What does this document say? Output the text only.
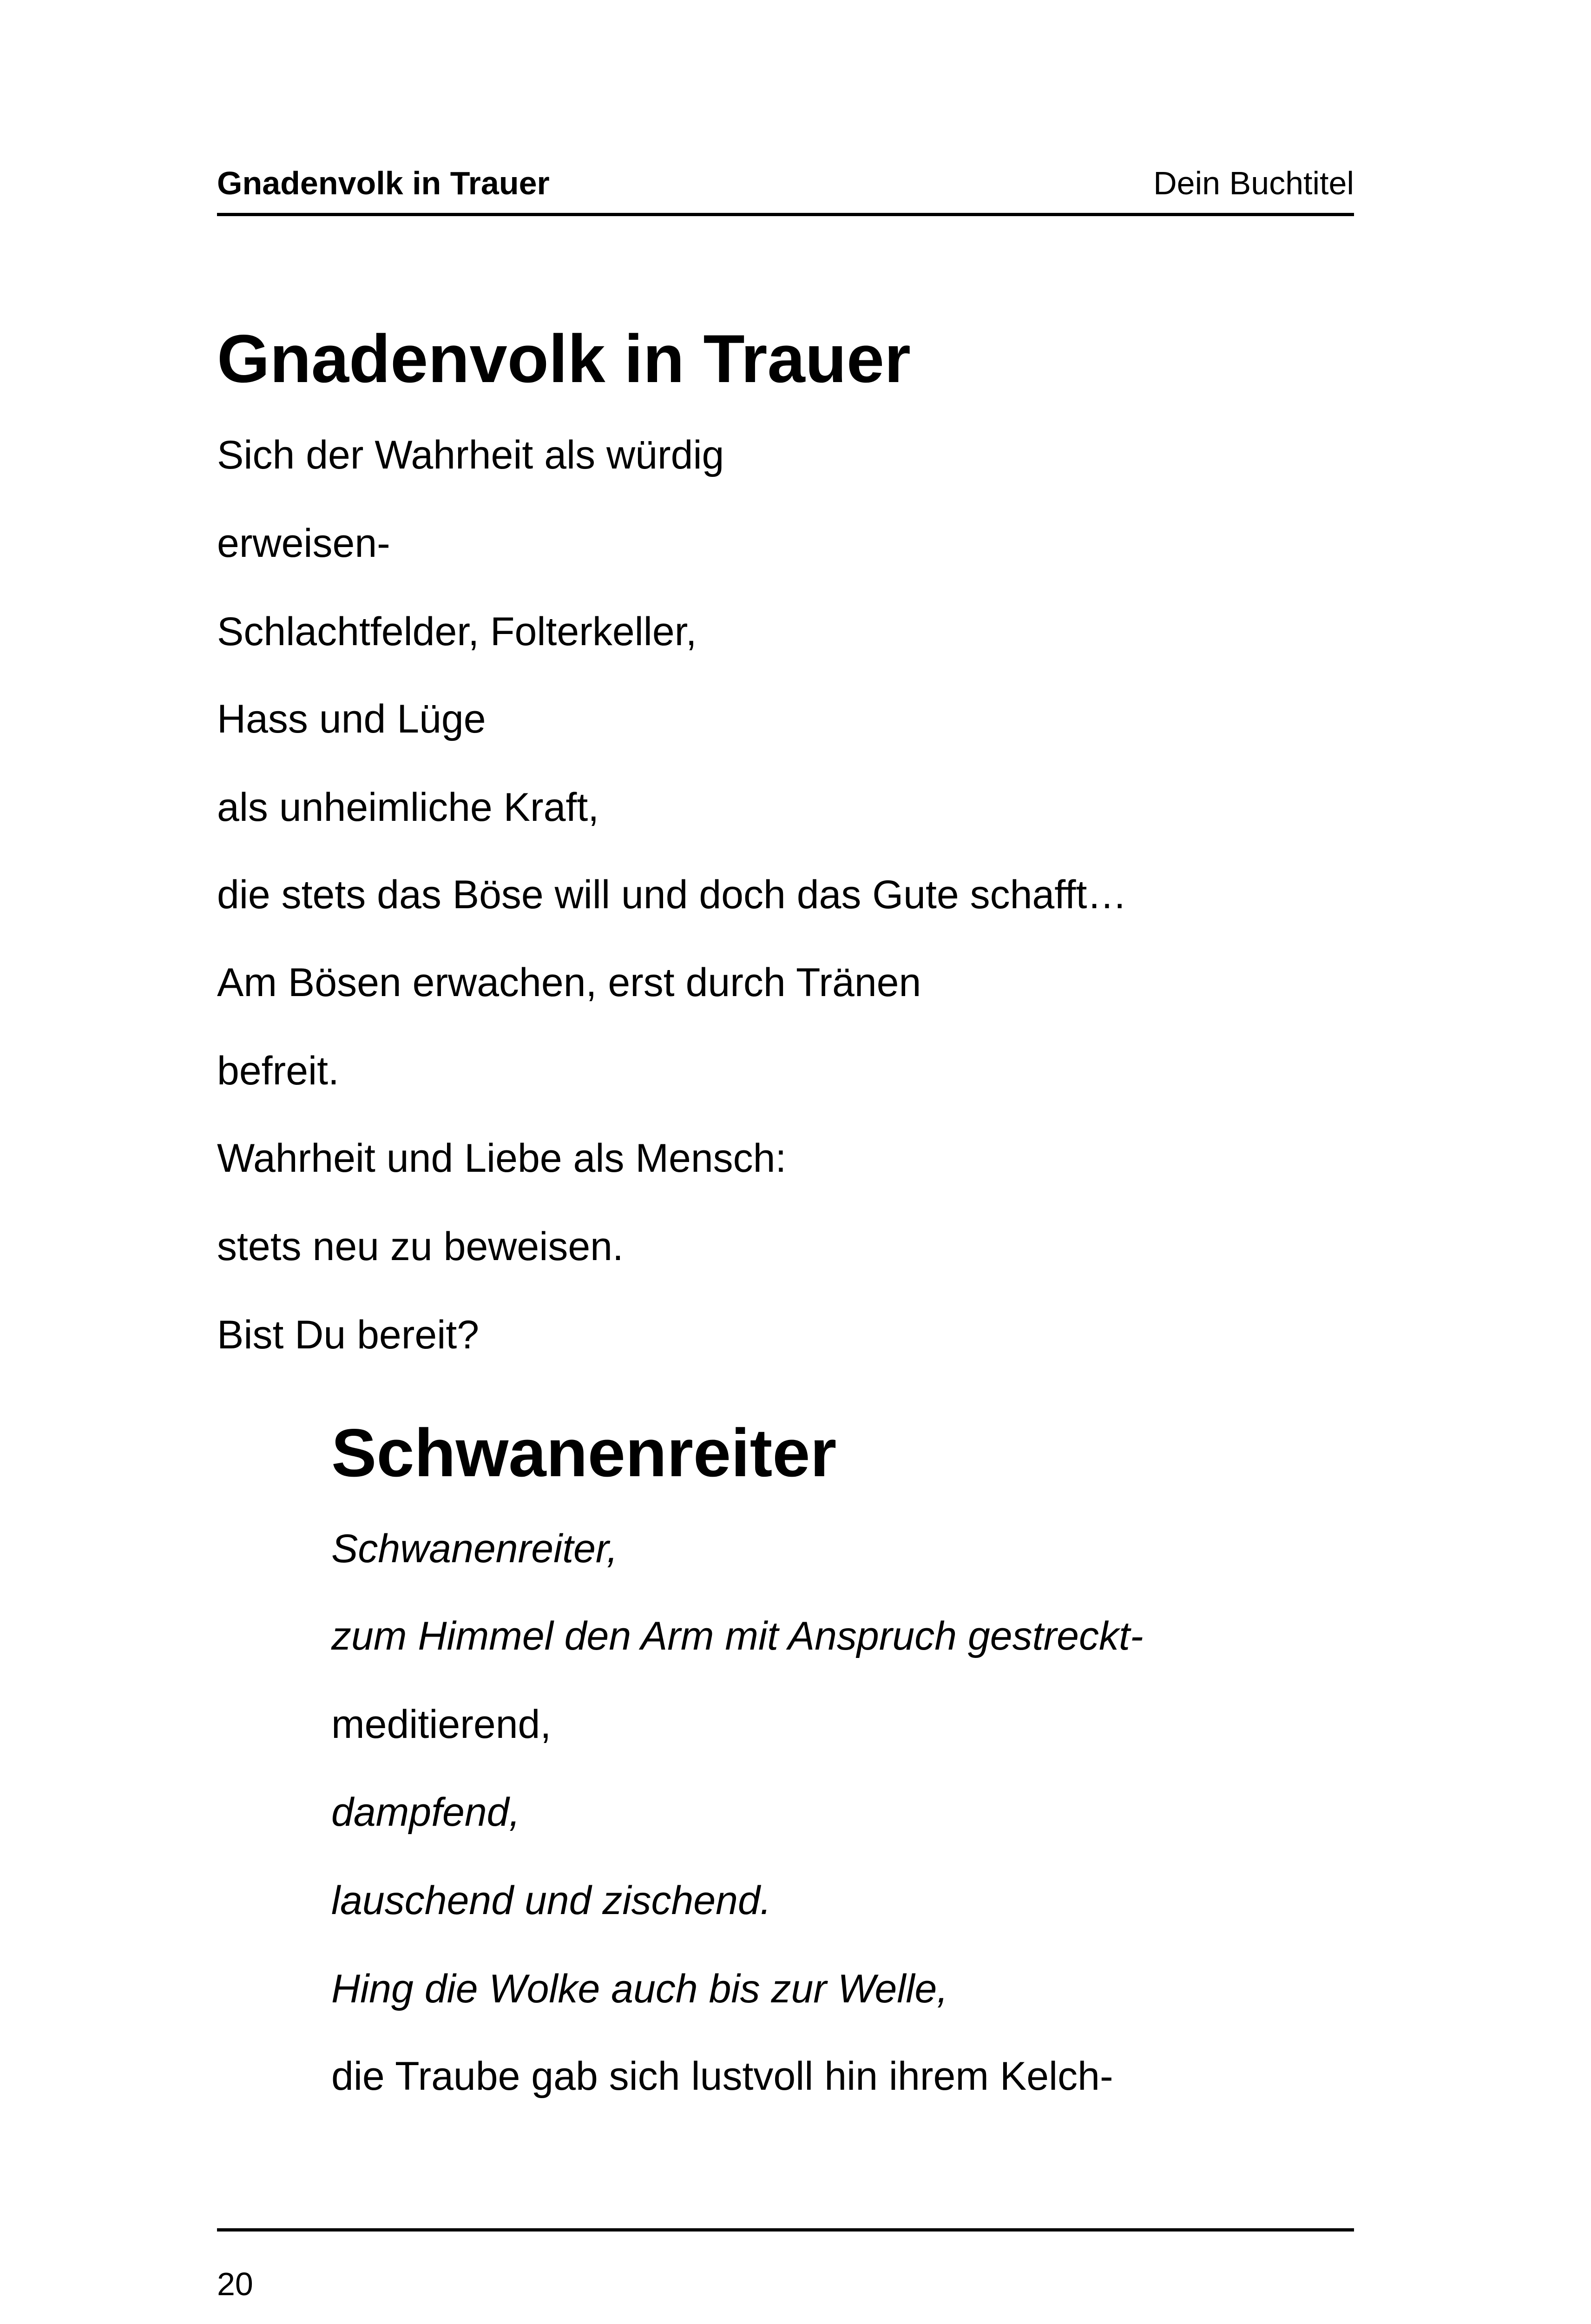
Gnadenvolk in Trauer	Dein Buchtitel
Gnadenvolk in Trauer

Sich der Wahrheit als würdig

erweisen-

Schlachtfelder, Folterkeller,

Hass und Lüge

als unheimliche Kraft,

die stets das Böse will und doch das Gute schafft…

Am Bösen erwachen, erst durch Tränen

befreit.

Wahrheit und Liebe als Mensch:

stets neu zu beweisen.

Bist Du bereit?

Schwanenreiter

Schwanenreiter,

zum Himmel den Arm mit Anspruch gestreckt-

meditierend,

dampfend,

lauschend und zischend.

Hing die Wolke auch bis zur Welle,

die Traube gab sich lustvoll hin ihrem Kelch-

20
